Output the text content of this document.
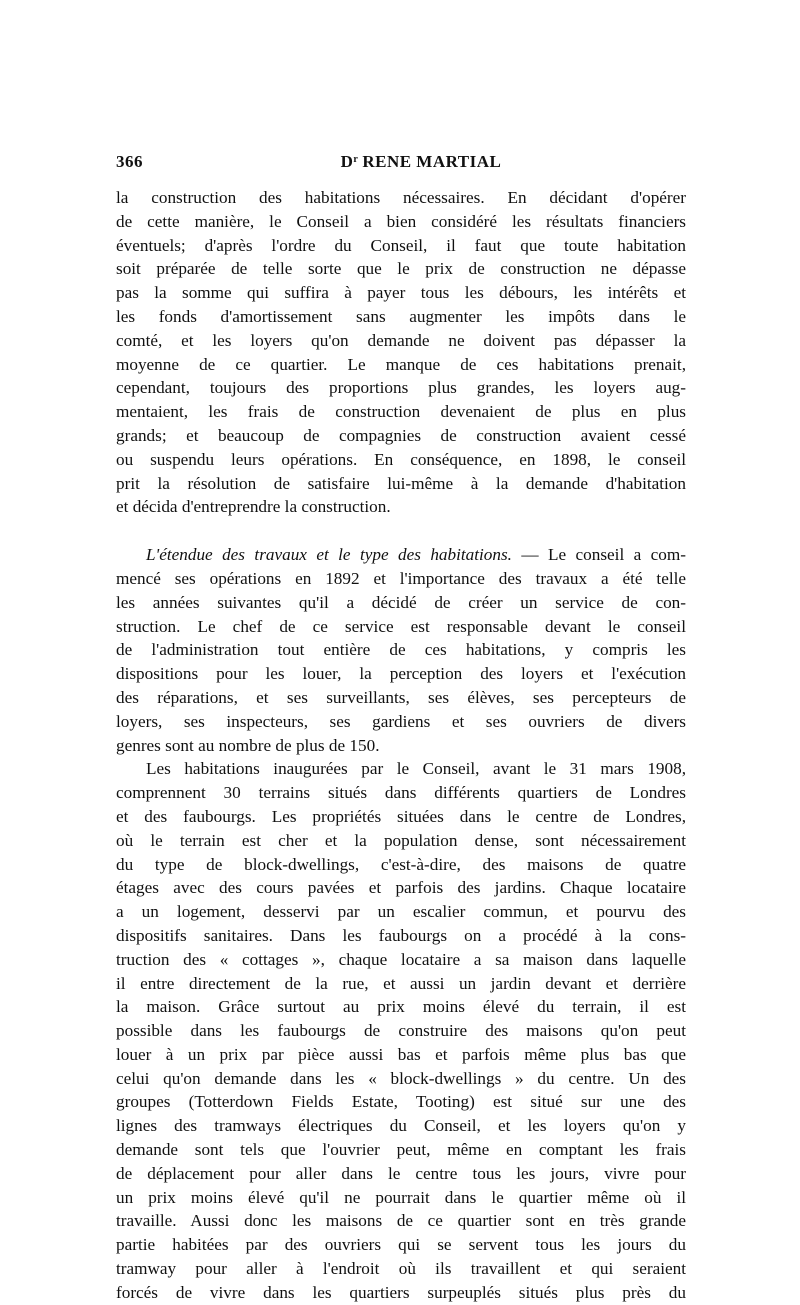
366	$D^r$ RENE MARTIAL
la construction des habitations nécessaires. En décidant d'opérer
de cette manière, le Conseil a bien considéré les résultats financiers
éventuels; d'après l'ordre du Conseil, il faut que toute habitation
soit préparée de telle sorte que le prix de construction ne dépasse
pas la somme qui suffira à payer tous les débours, les intérêts et
les fonds d'amortissement sans augmenter les impôts dans le
comté, et les loyers qu'on demande ne doivent pas dépasser la
moyenne de ce quartier. Le manque de ces habitations prenait,
cependant, toujours des proportions plus grandes, les loyers aug-
mentaient, les frais de construction devenaient de plus en plus
grands; et beaucoup de compagnies de construction avaient cessé
ou suspendu leurs opérations. En conséquence, en 1898, le conseil
prit la résolution de satisfaire lui-même à la demande d'habitation
et décida d'entreprendre la construction.
L'étendue des travaux et le type des habitations. — Le conseil a com-
mencé ses opérations en 1892 et l'importance des travaux a été telle
les années suivantes qu'il a décidé de créer un service de con-
struction. Le chef de ce service est responsable devant le conseil
de l'administration tout entière de ces habitations, y compris les
dispositions pour les louer, la perception des loyers et l'exécution
des réparations, et ses surveillants, ses élèves, ses percepteurs de
loyers, ses inspecteurs, ses gardiens et ses ouvriers de divers
genres sont au nombre de plus de 150.
Les habitations inaugurées par le Conseil, avant le 31 mars 1908,
comprennent 30 terrains situés dans différents quartiers de Londres
et des faubourgs. Les propriétés situées dans le centre de Londres,
où le terrain est cher et la population dense, sont nécessairement
du type de block-dwellings, c'est-à-dire, des maisons de quatre
étages avec des cours pavées et parfois des jardins. Chaque locataire
a un logement, desservi par un escalier commun, et pourvu des
dispositifs sanitaires. Dans les faubourgs on a procédé à la cons-
truction des « cottages », chaque locataire a sa maison dans laquelle
il entre directement de la rue, et aussi un jardin devant et derrière
la maison. Grâce surtout au prix moins élevé du terrain, il est
possible dans les faubourgs de construire des maisons qu'on peut
louer à un prix par pièce aussi bas et parfois même plus bas que
celui qu'on demande dans les « block-dwellings » du centre. Un des
groupes (Totterdown Fields Estate, Tooting) est situé sur une des
lignes des tramways électriques du Conseil, et les loyers qu'on y
demande sont tels que l'ouvrier peut, même en comptant les frais
de déplacement pour aller dans le centre tous les jours, vivre pour
un prix moins élevé qu'il ne pourrait dans le quartier même où il
travaille. Aussi donc les maisons de ce quartier sont en très grande
partie habitées par des ouvriers qui se servent tous les jours du
tramway pour aller à l'endroit où ils travaillent et qui seraient
forcés de vivre dans les quartiers surpeuplés situés plus près du
